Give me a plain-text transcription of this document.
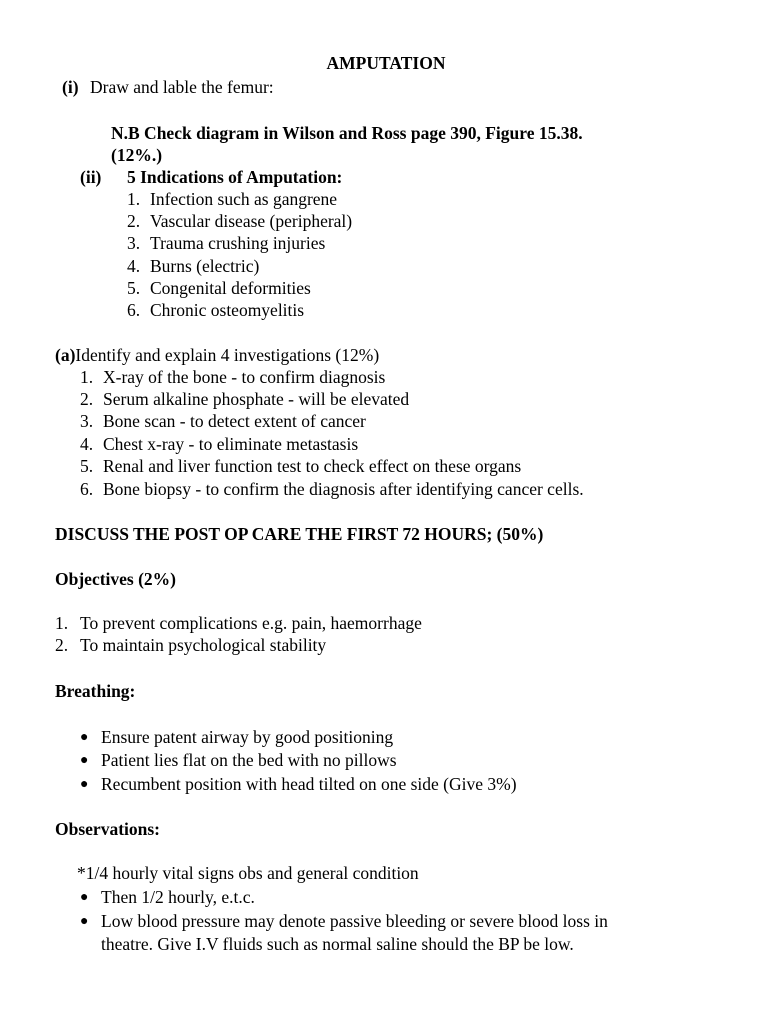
AMPUTATION
(i) Draw and lable the femur:
N.B Check diagram in Wilson and Ross page 390, Figure 15.38.
(12%.)
(ii) 5 Indications of Amputation:
1. Infection such as gangrene
2. Vascular disease (peripheral)
3. Trauma crushing injuries
4. Burns (electric)
5. Congenital deformities
6. Chronic osteomyelitis
(a)Identify and explain 4 investigations (12%)
1. X-ray of the bone - to confirm diagnosis
2. Serum alkaline phosphate - will be elevated
3. Bone scan - to detect extent of cancer
4. Chest x-ray - to eliminate metastasis
5. Renal and liver function test to check effect on these organs
6. Bone biopsy - to confirm the diagnosis after identifying cancer cells.
DISCUSS THE POST OP CARE THE FIRST 72 HOURS; (50%)
Objectives (2%)
1. To prevent complications e.g. pain, haemorrhage
2. To maintain psychological stability
Breathing:
● Ensure patent airway by good positioning
● Patient lies flat on the bed with no pillows
● Recumbent position with head tilted on one side (Give 3%)
Observations:
*1/4 hourly vital signs obs and general condition
● Then 1/2 hourly, e.t.c.
● Low blood pressure may denote passive bleeding or severe blood loss in
theatre. Give I.V fluids such as normal saline should the BP be low.
